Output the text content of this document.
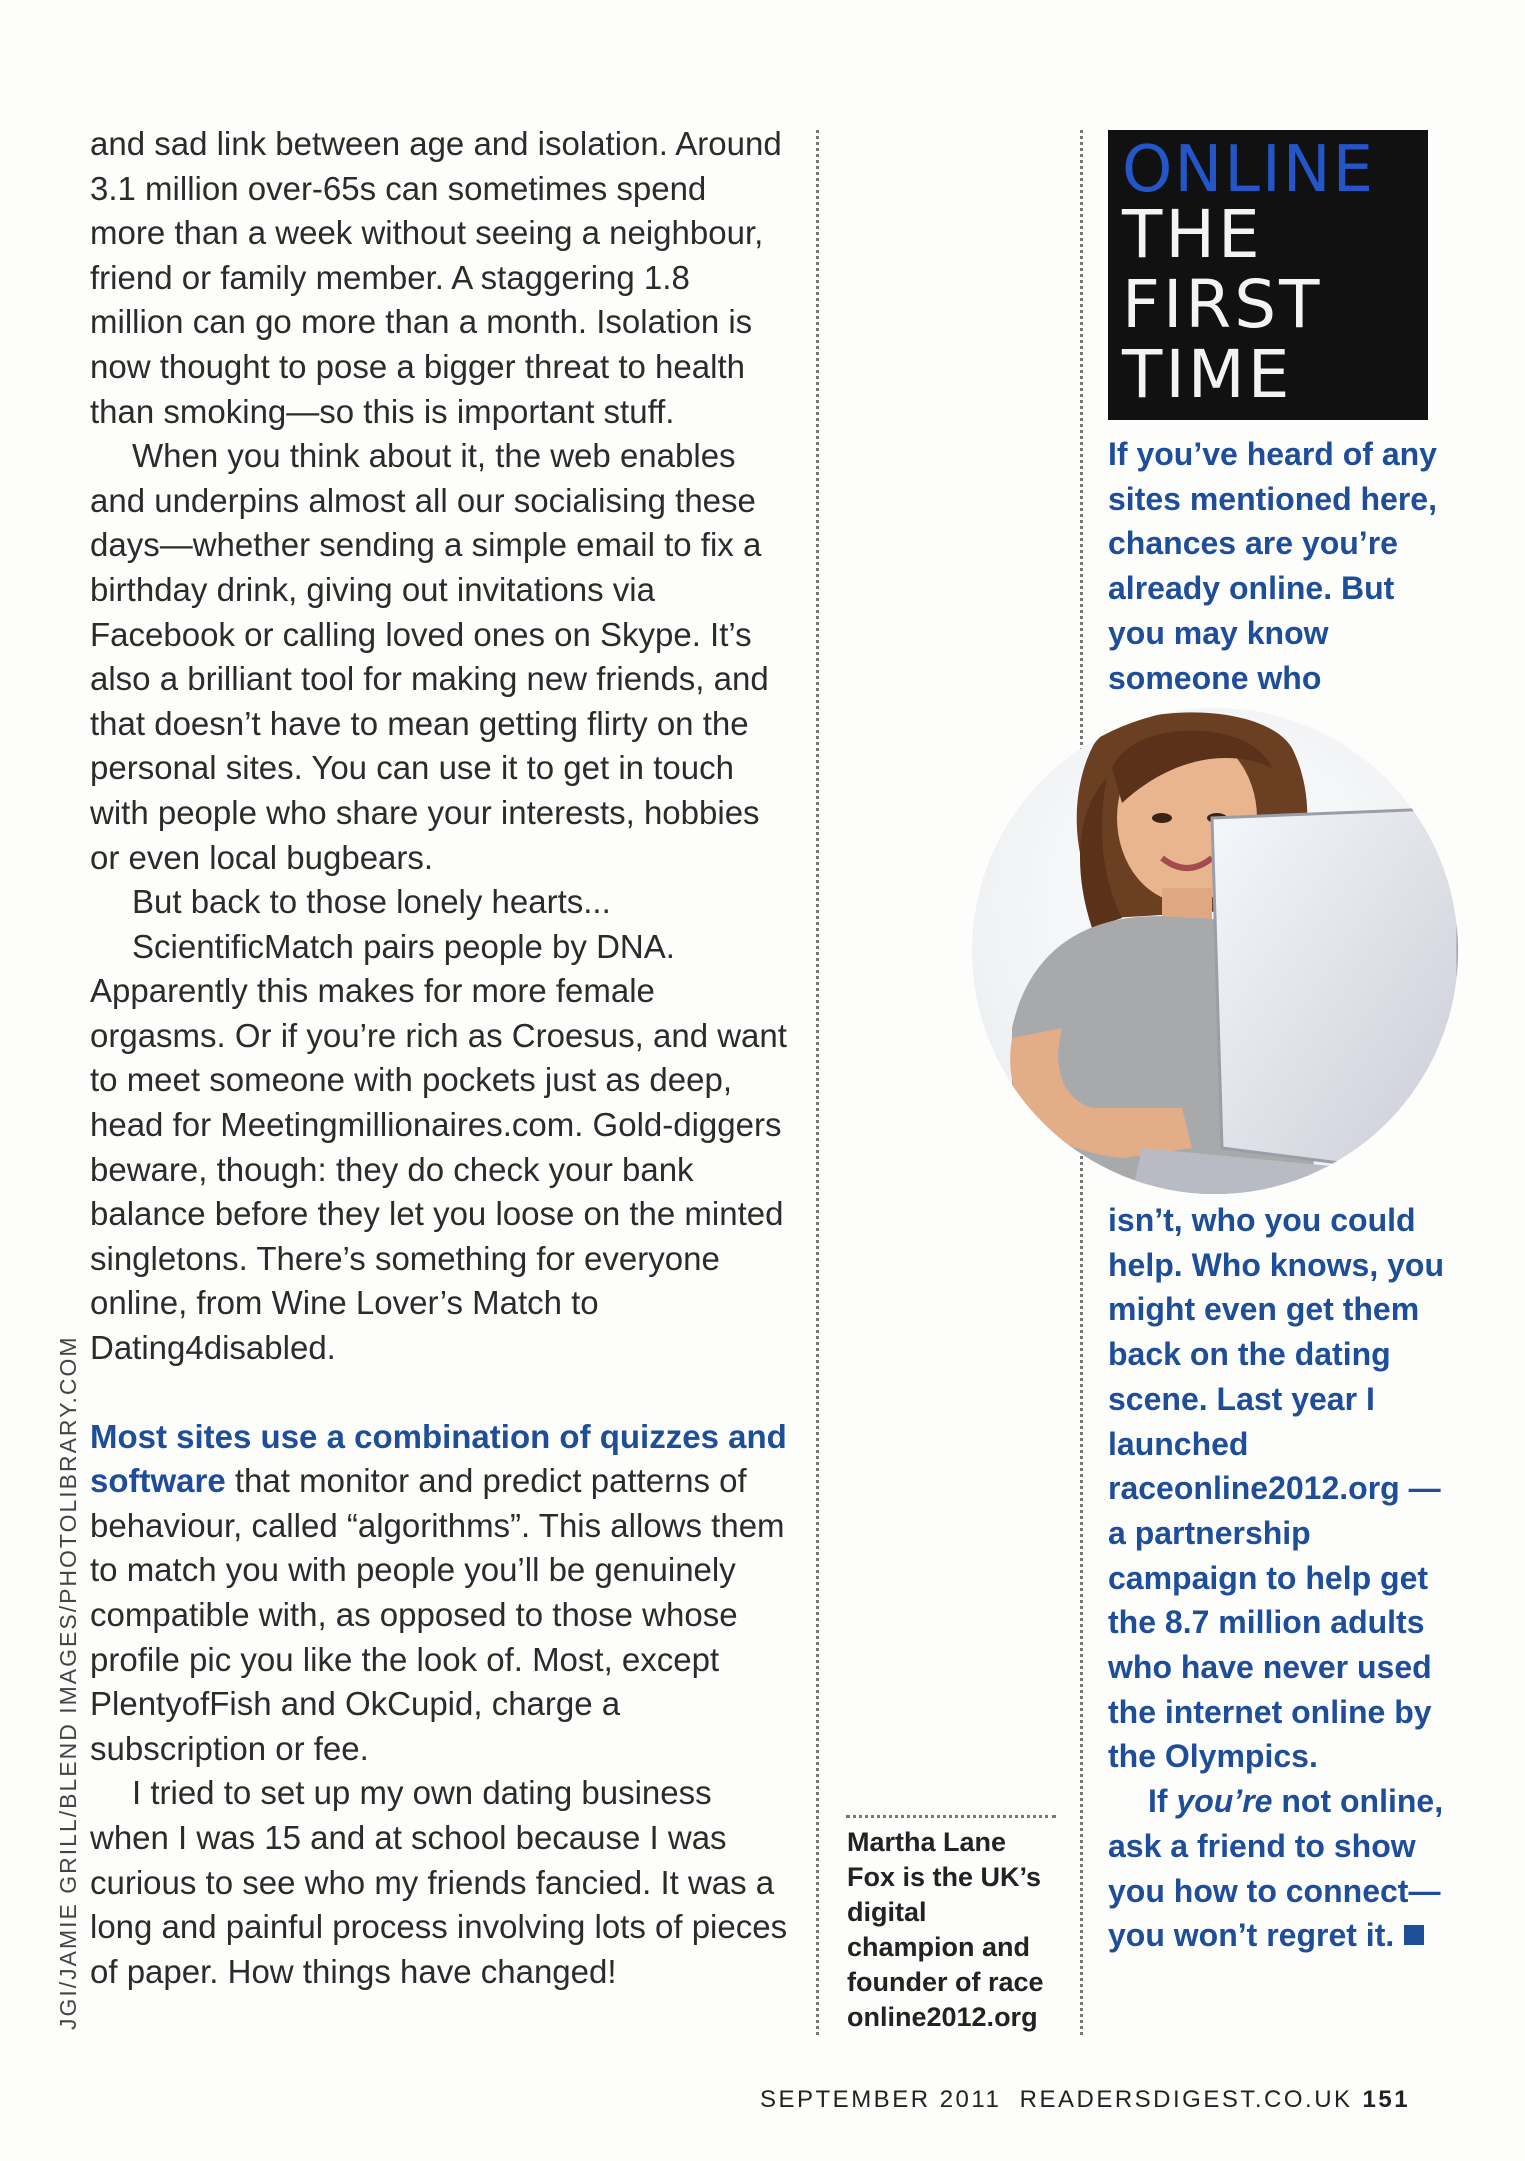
and sad link between age and isolation. Around 3.1 million over-65s can sometimes spend more than a week without seeing a neighbour, friend or family member. A staggering 1.8 million can go more than a month. Isolation is now thought to pose a bigger threat to health than smoking—so this is important stuff.

When you think about it, the web enables and underpins almost all our socialising these days—whether sending a simple email to fix a birthday drink, giving out invitations via Facebook or calling loved ones on Skype. It’s also a brilliant tool for making new friends, and that doesn’t have to mean getting flirty on the personal sites. You can use it to get in touch with people who share your interests, hobbies or even local bugbears.

But back to those lonely hearts...

ScientificMatch pairs people by DNA. Apparently this makes for more female orgasms. Or if you’re rich as Croesus, and want to meet someone with pockets just as deep, head for Meetingmillionaires.com. Gold-diggers beware, though: they do check your bank balance before they let you loose on the minted singletons. There’s something for everyone online, from Wine Lover’s Match to Dating4disabled.

Most sites use a combination of quizzes and software that monitor and predict patterns of behaviour, called “algorithms”. This allows them to match you with people you’ll be genuinely compatible with, as opposed to those whose profile pic you like the look of. Most, except PlentyofFish and OkCupid, charge a subscription or fee.

I tried to set up my own dating business when I was 15 and at school because I was curious to see who my friends fancied. It was a long and painful process involving lots of pieces of paper. How things have changed!

Martha Lane Fox is the UK’s digital champion and founder of race online2012.org
ONLINE
THE
FIRST
TIME

If you’ve heard of any sites mentioned here, chances are you’re already online. But you may know someone who

isn’t, who you could help. Who knows, you might even get them back on the dating scene. Last year I launched raceonline2012.org —a partnership campaign to help get the 8.7 million adults who have never used the internet online by the Olympics.

If you’re not online, ask a friend to show you how to connect—you won’t regret it.

JGI/JAMIE GRILL/BLEND IMAGES/PHOTOLIBRARY.COM
SEPTEMBER 2011  READERSDIGEST.CO.UK 151
